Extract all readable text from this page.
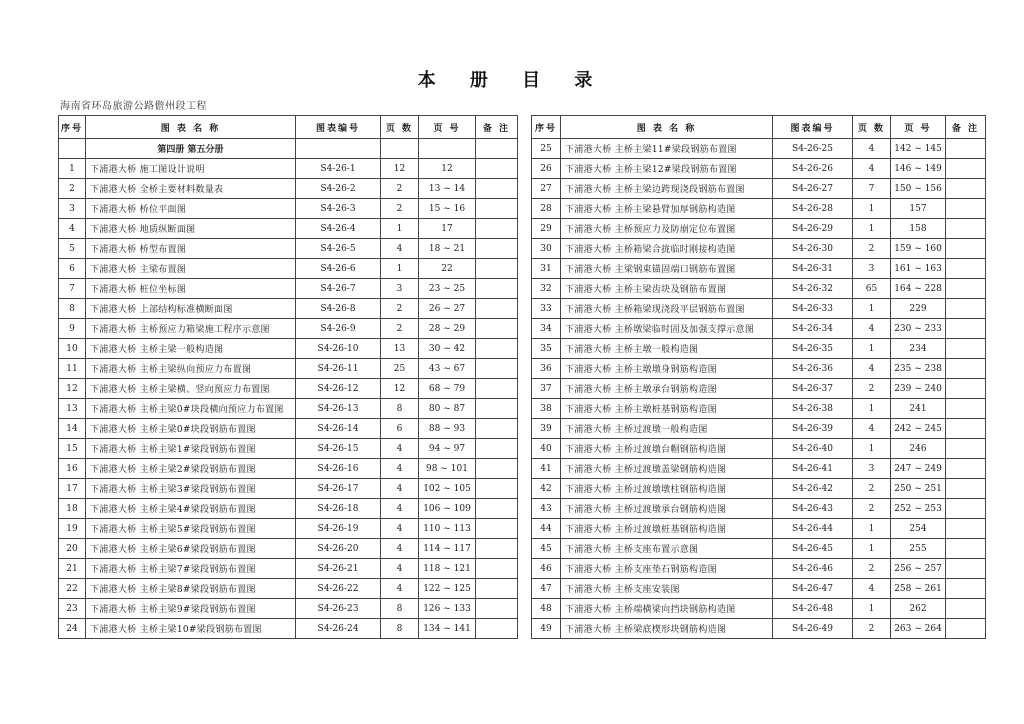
本 册 目 录
海南省环岛旅游公路儋州段工程
序号	图 表 名 称	图表编号	页 数	页 号	备 注
	第四册 第五分册				
1	下浦港大桥 施工图设计说明	S4-26-1	12	12	
2	下浦港大桥 全桥主要材料数量表	S4-26-2	2	13 ~ 14	
3	下浦港大桥 桥位平面图	S4-26-3	2	15 ~ 16	
4	下浦港大桥 地质纵断面图	S4-26-4	1	17	
5	下浦港大桥 桥型布置图	S4-26-5	4	18 ~ 21	
6	下浦港大桥 主梁布置图	S4-26-6	1	22	
7	下浦港大桥 桩位坐标图	S4-26-7	3	23 ~ 25	
8	下浦港大桥 上部结构标准横断面图	S4-26-8	2	26 ~ 27	
9	下浦港大桥 主桥预应力箱梁施工程序示意图	S4-26-9	2	28 ~ 29	
10	下浦港大桥 主桥主梁一般构造图	S4-26-10	13	30 ~ 42	
11	下浦港大桥 主桥主梁纵向预应力布置图	S4-26-11	25	43 ~ 67	
12	下浦港大桥 主桥主梁横、竖向预应力布置图	S4-26-12	12	68 ~ 79	
13	下浦港大桥 主桥主梁0#块段横向预应力布置图	S4-26-13	8	80 ~ 87	
14	下浦港大桥 主桥主梁0#块段钢筋布置图	S4-26-14	6	88 ~ 93	
15	下浦港大桥 主桥主梁1#梁段钢筋布置图	S4-26-15	4	94 ~ 97	
16	下浦港大桥 主桥主梁2#梁段钢筋布置图	S4-26-16	4	98 ~ 101	
17	下浦港大桥 主桥主梁3#梁段钢筋布置图	S4-26-17	4	102 ~ 105	
18	下浦港大桥 主桥主梁4#梁段钢筋布置图	S4-26-18	4	106 ~ 109	
19	下浦港大桥 主桥主梁5#梁段钢筋布置图	S4-26-19	4	110 ~ 113	
20	下浦港大桥 主桥主梁6#梁段钢筋布置图	S4-26-20	4	114 ~ 117	
21	下浦港大桥 主桥主梁7#梁段钢筋布置图	S4-26-21	4	118 ~ 121	
22	下浦港大桥 主桥主梁8#梁段钢筋布置图	S4-26-22	4	122 ~ 125	
23	下浦港大桥 主桥主梁9#梁段钢筋布置图	S4-26-23	8	126 ~ 133	
24	下浦港大桥 主桥主梁10#梁段钢筋布置图	S4-26-24	8	134 ~ 141	
序号	图 表 名 称	图表编号	页 数	页 号	备 注
25	下浦港大桥 主桥主梁11#梁段钢筋布置图	S4-26-25	4	142 ~ 145	
26	下浦港大桥 主桥主梁12#梁段钢筋布置图	S4-26-26	4	146 ~ 149	
27	下浦港大桥 主桥主梁边跨现浇段钢筋布置图	S4-26-27	7	150 ~ 156	
28	下浦港大桥 主桥主梁悬臂加厚钢筋构造图	S4-26-28	1	157	
29	下浦港大桥 主桥预应力及防崩定位布置图	S4-26-29	1	158	
30	下浦港大桥 主桥箱梁合拢临时刚接构造图	S4-26-30	2	159 ~ 160	
31	下浦港大桥 主梁钢束锚固端口钢筋布置图	S4-26-31	3	161 ~ 163	
32	下浦港大桥 主桥主梁齿块及钢筋布置图	S4-26-32	65	164 ~ 228	
33	下浦港大桥 主桥箱梁现浇段平层钢筋布置图	S4-26-33	1	229	
34	下浦港大桥 主桥墩梁临时固及加强支撑示意图	S4-26-34	4	230 ~ 233	
35	下浦港大桥 主桥主墩一般构造图	S4-26-35	1	234	
36	下浦港大桥 主桥主墩墩身钢筋构造图	S4-26-36	4	235 ~ 238	
37	下浦港大桥 主桥主墩承台钢筋构造图	S4-26-37	2	239 ~ 240	
38	下浦港大桥 主桥主墩桩基钢筋构造图	S4-26-38	1	241	
39	下浦港大桥 主桥过渡墩一般构造图	S4-26-39	4	242 ~ 245	
40	下浦港大桥 主桥过渡墩台帽钢筋构造图	S4-26-40	1	246	
41	下浦港大桥 主桥过渡墩盖梁钢筋构造图	S4-26-41	3	247 ~ 249	
42	下浦港大桥 主桥过渡墩墩柱钢筋构造图	S4-26-42	2	250 ~ 251	
43	下浦港大桥 主桥过渡墩承台钢筋构造图	S4-26-43	2	252 ~ 253	
44	下浦港大桥 主桥过渡墩桩基钢筋构造图	S4-26-44	1	254	
45	下浦港大桥 主桥支座布置示意图	S4-26-45	1	255	
46	下浦港大桥 主桥支座垫石钢筋构造图	S4-26-46	2	256 ~ 257	
47	下浦港大桥 主桥支座安装图	S4-26-47	4	258 ~ 261	
48	下浦港大桥 主桥端横梁向挡块钢筋构造图	S4-26-48	1	262	
49	下浦港大桥 主桥梁底楔形块钢筋构造图	S4-26-49	2	263 ~ 264	
